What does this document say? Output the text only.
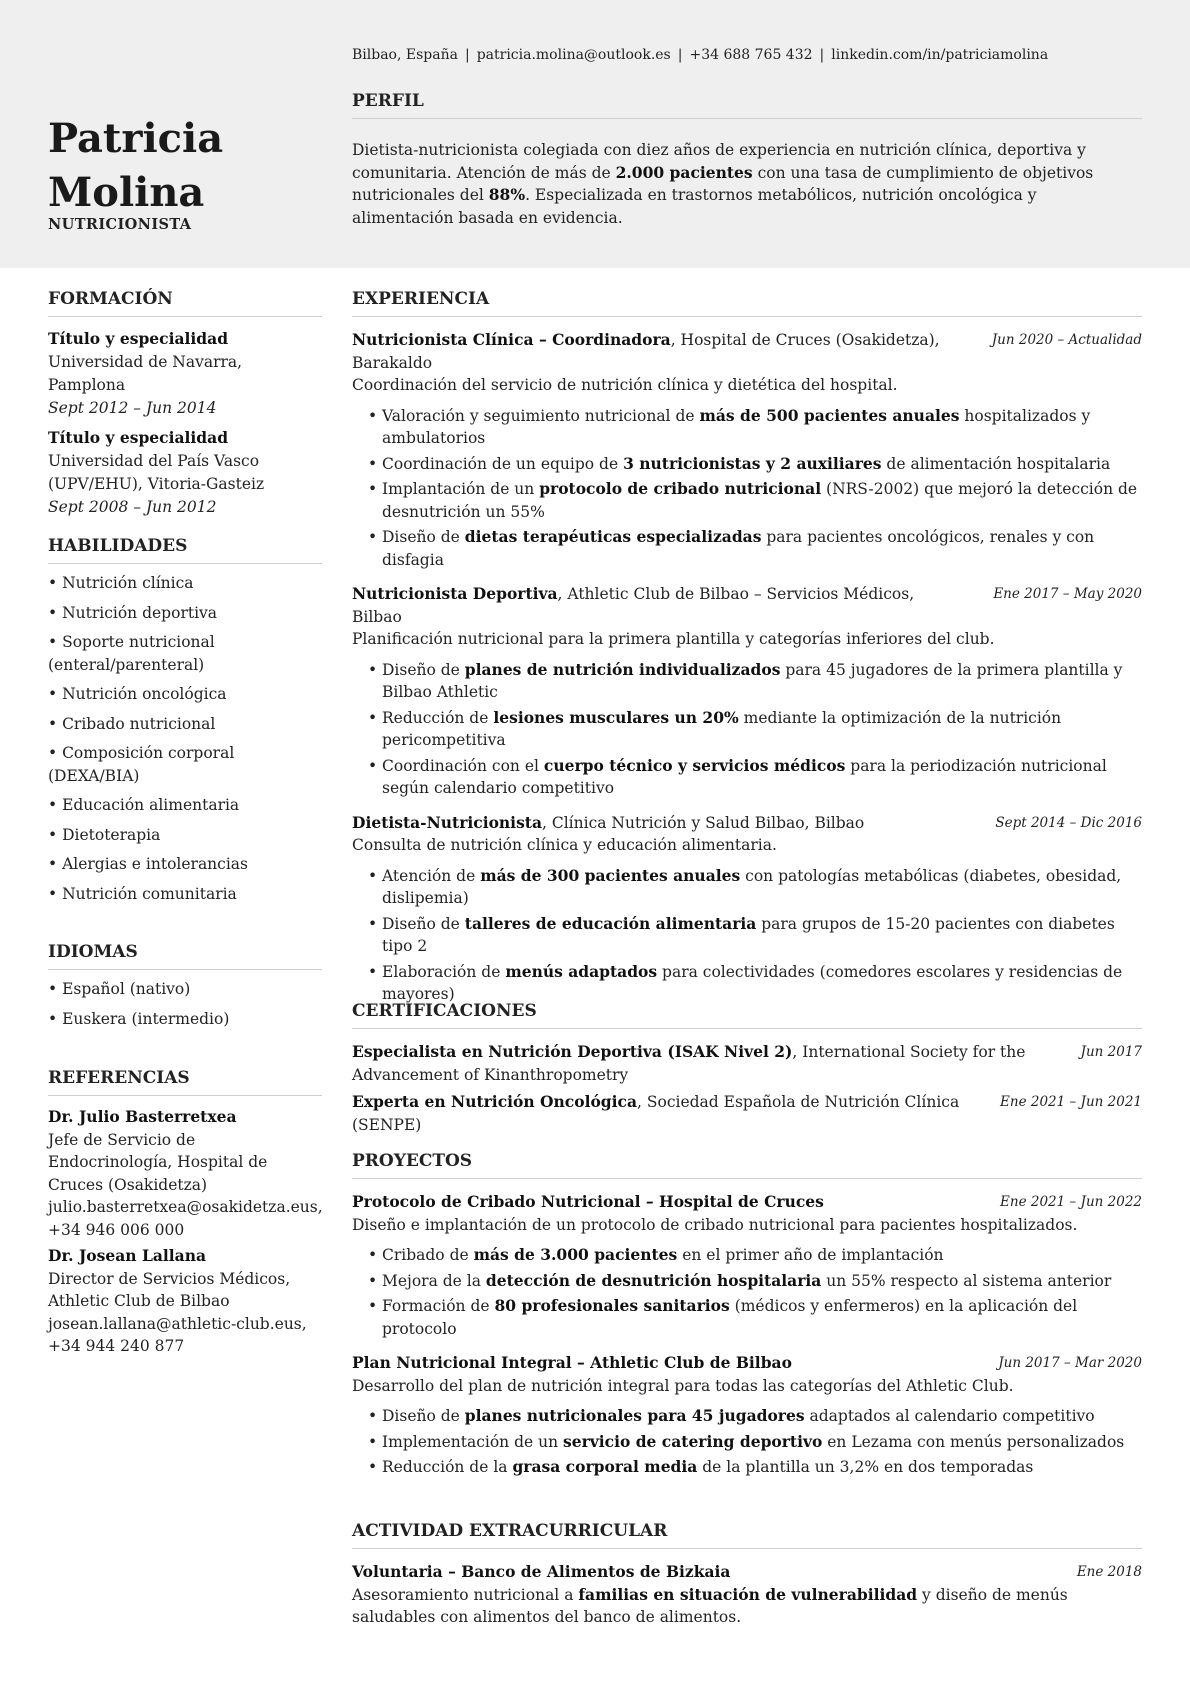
Patricia
Molina
NUTRICIONISTA
Bilbao, España | patricia.molina@outlook.es | +34 688 765 432 | linkedin.com/in/patriciamolina
PERFIL

Dietista-nutricionista colegiada con diez años de experiencia en nutrición clínica, deportiva y comunitaria. Atención de más de 2.000 pacientes con una tasa de cumplimiento de objetivos nutricionales del 88%. Especializada en trastornos metabólicos, nutrición oncológica y alimentación basada en evidencia.

FORMACIÓN
Título y especialidad
Universidad de Navarra, Pamplona
Sept 2012 – Jun 2014
Título y especialidad
Universidad del País Vasco (UPV/EHU), Vitoria-Gasteiz
Sept 2008 – Jun 2012
HABILIDADES
• Nutrición clínica
• Nutrición deportiva
• Soporte nutricional (enteral/parenteral)
• Nutrición oncológica
• Cribado nutricional
• Composición corporal (DEXA/BIA)
• Educación alimentaria
• Dietoterapia
• Alergias e intolerancias
• Nutrición comunitaria
IDIOMAS
• Español (nativo)
• Euskera (intermedio)
REFERENCIAS
Dr. Julio Basterretxea
Jefe de Servicio de Endocrinología, Hospital de Cruces (Osakidetza)
julio.basterretxea@osakidetza.eus,
+34 946 006 000
Dr. Josean Lallana
Director de Servicios Médicos, Athletic Club de Bilbao
josean.lallana@athletic-club.eus,
+34 944 240 877
EXPERIENCIA
Nutricionista Clínica – Coordinadora, Hospital de Cruces (Osakidetza), Barakaldo
Jun 2020 – Actualidad
Coordinación del servicio de nutrición clínica y dietética del hospital.
• Valoración y seguimiento nutricional de más de 500 pacientes anuales hospitalizados y ambulatorios
• Coordinación de un equipo de 3 nutricionistas y 2 auxiliares de alimentación hospitalaria
• Implantación de un protocolo de cribado nutricional (NRS-2002) que mejoró la detección de desnutrición un 55%
• Diseño de dietas terapéuticas especializadas para pacientes oncológicos, renales y con disfagia
Nutricionista Deportiva, Athletic Club de Bilbao – Servicios Médicos, Bilbao
Ene 2017 – May 2020
Planificación nutricional para la primera plantilla y categorías inferiores del club.
• Diseño de planes de nutrición individualizados para 45 jugadores de la primera plantilla y Bilbao Athletic
• Reducción de lesiones musculares un 20% mediante la optimización de la nutrición pericompetitiva
• Coordinación con el cuerpo técnico y servicios médicos para la periodización nutricional según calendario competitivo
Dietista-Nutricionista, Clínica Nutrición y Salud Bilbao, Bilbao	Sept 2014 – Dic 2016
Consulta de nutrición clínica y educación alimentaria.
• Atención de más de 300 pacientes anuales con patologías metabólicas (diabetes, obesidad, dislipemia)
• Diseño de talleres de educación alimentaria para grupos de 15-20 pacientes con diabetes tipo 2
• Elaboración de menús adaptados para colectividades (comedores escolares y residencias de mayores)
CERTIFICACIONES
Especialista en Nutrición Deportiva (ISAK Nivel 2), International Society for the Advancement of Kinanthropometry
Jun 2017
Experta en Nutrición Oncológica, Sociedad Española de Nutrición Clínica (SENPE)
Ene 2021 – Jun 2021
PROYECTOS
Protocolo de Cribado Nutricional – Hospital de Cruces	Ene 2021 – Jun 2022
Diseño e implantación de un protocolo de cribado nutricional para pacientes hospitalizados.
• Cribado de más de 3.000 pacientes en el primer año de implantación
• Mejora de la detección de desnutrición hospitalaria un 55% respecto al sistema anterior
• Formación de 80 profesionales sanitarios (médicos y enfermeros) en la aplicación del protocolo
Plan Nutricional Integral – Athletic Club de Bilbao	Jun 2017 – Mar 2020
Desarrollo del plan de nutrición integral para todas las categorías del Athletic Club.
• Diseño de planes nutricionales para 45 jugadores adaptados al calendario competitivo
• Implementación de un servicio de catering deportivo en Lezama con menús personalizados
• Reducción de la grasa corporal media de la plantilla un 3,2% en dos temporadas
ACTIVIDAD EXTRACURRICULAR
Voluntaria – Banco de Alimentos de Bizkaia	Ene 2018
Asesoramiento nutricional a familias en situación de vulnerabilidad y diseño de menús saludables con alimentos del banco de alimentos.
